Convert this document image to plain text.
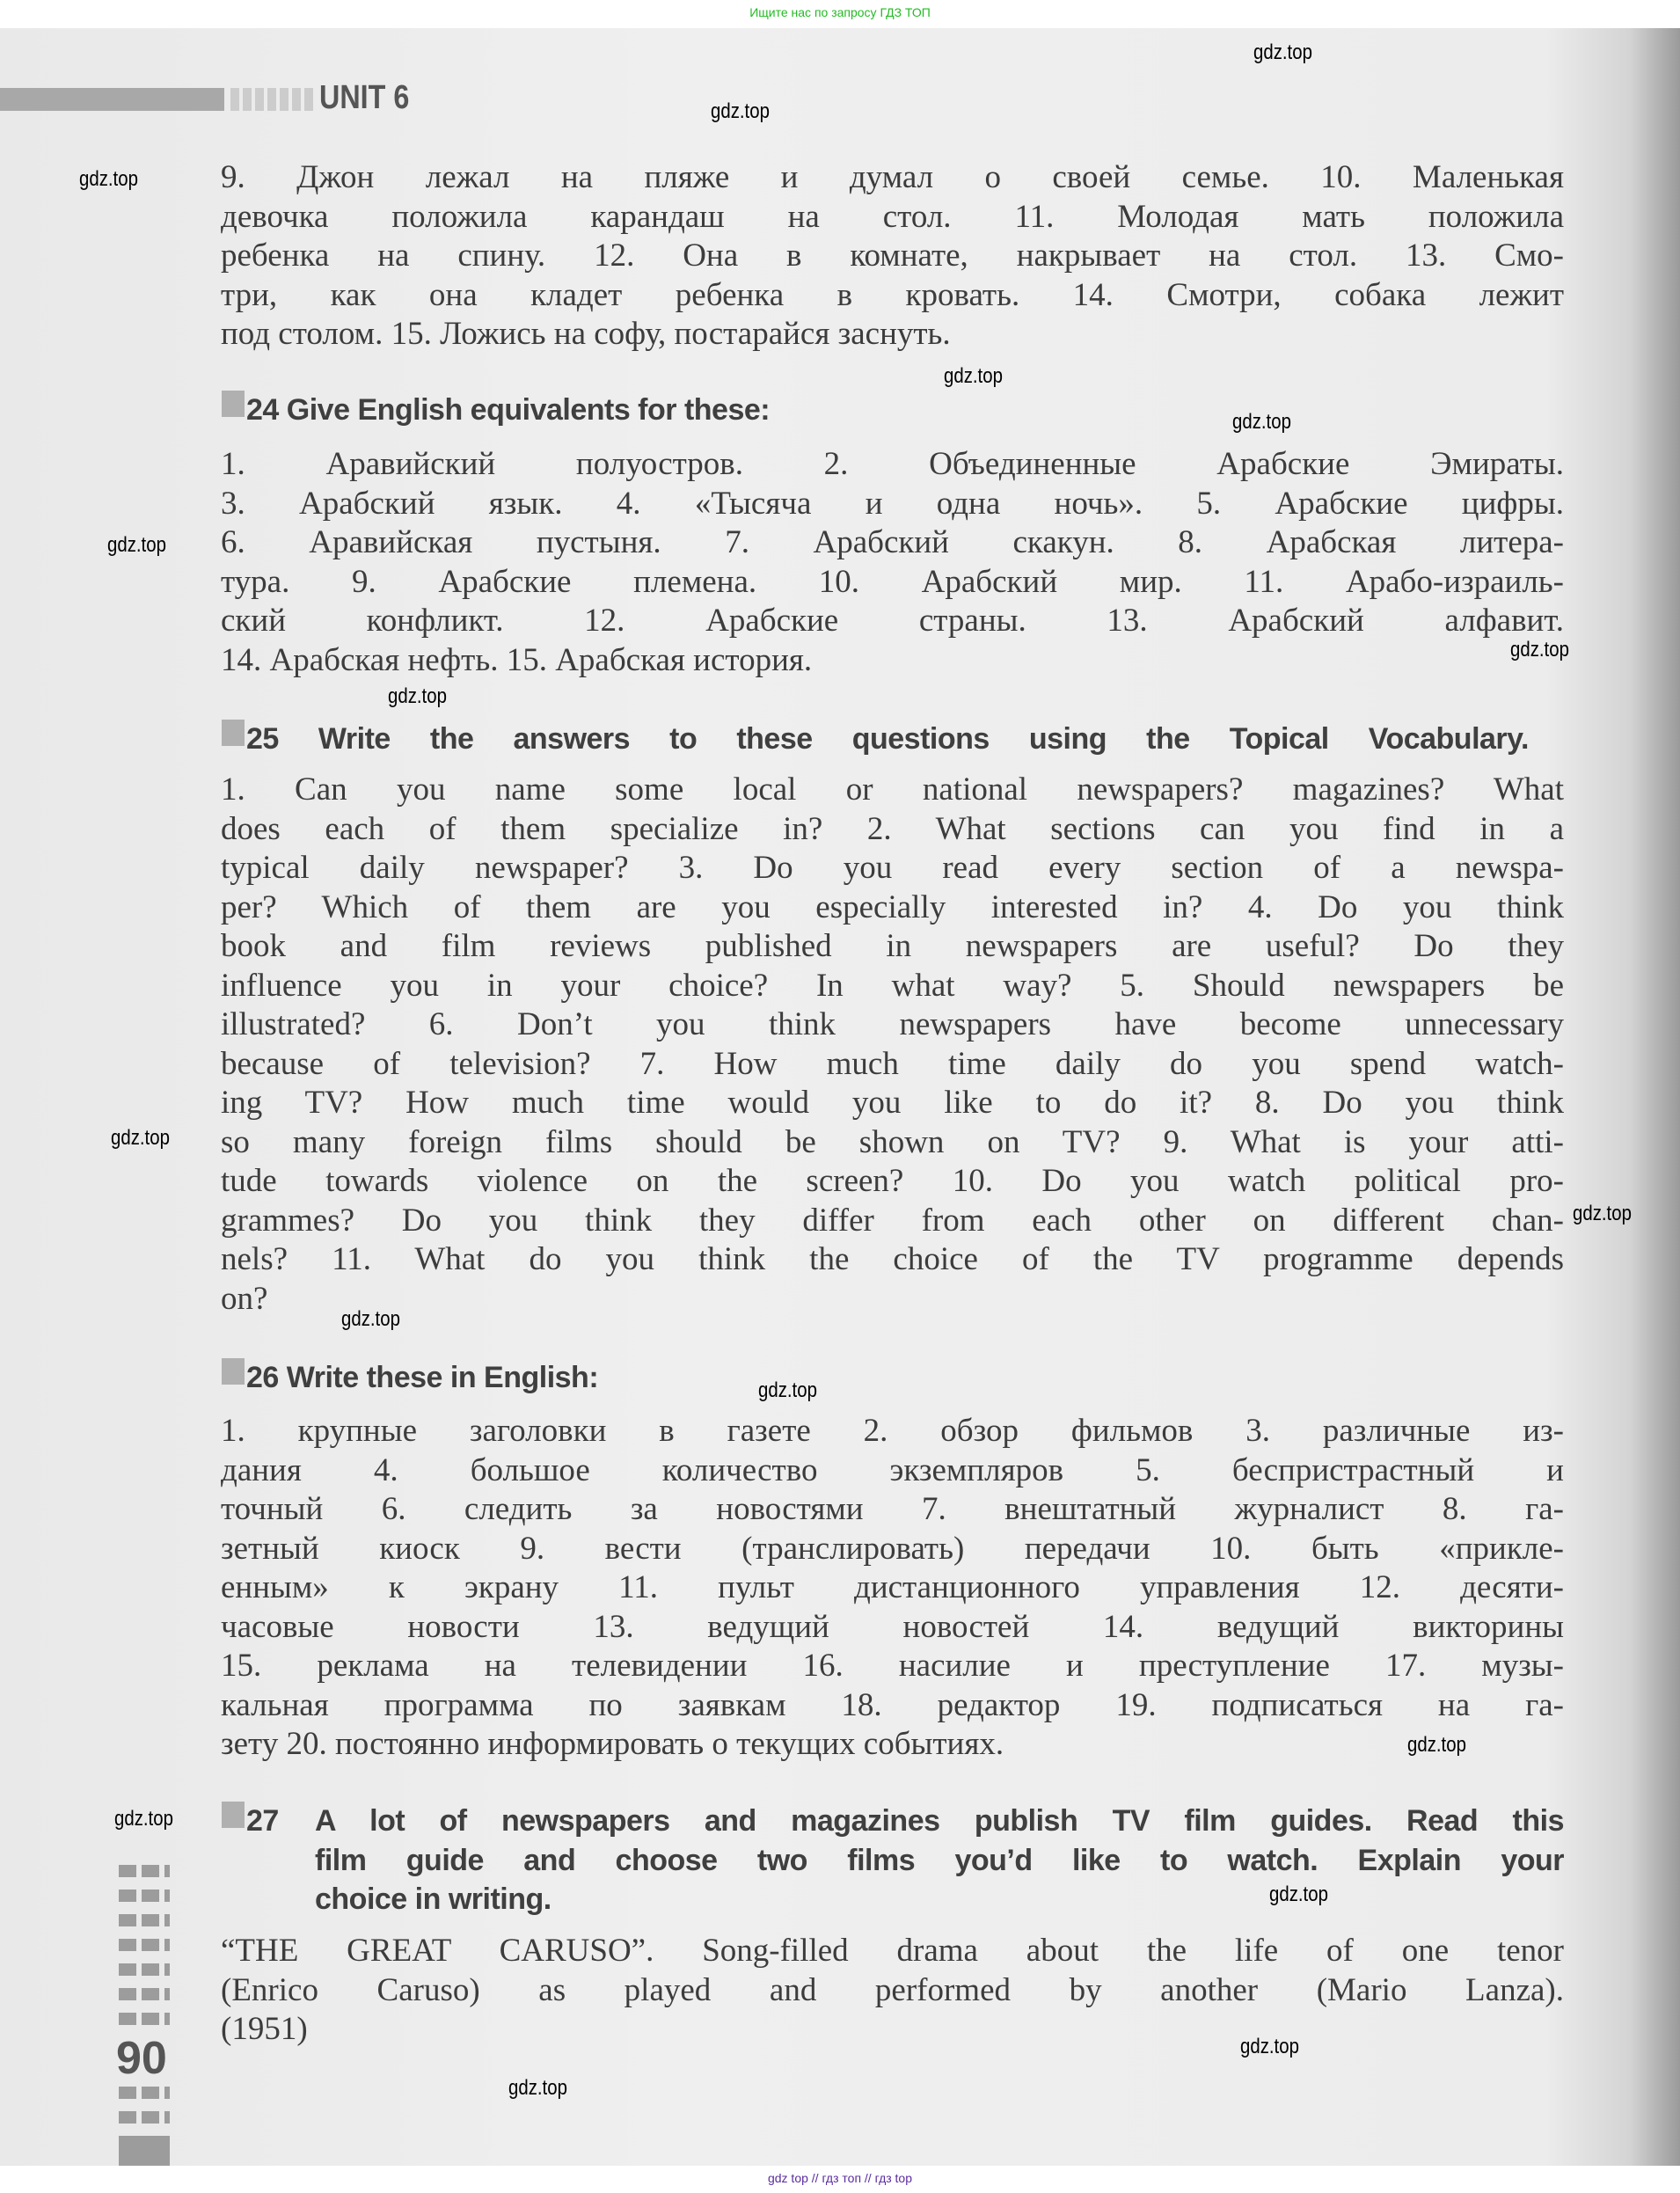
Ищите нас по запросу ГДЗ ТОП
UNIT 6
9. Джон лежал на пляже и думал о своей семье. 10. Маленькая
девочка положила карандаш на стол. 11. Молодая мать положила
ребенка на спину. 12. Она в комнате, накрывает на стол. 13. Смо-
три, как она кладет ребенка в кровать. 14. Смотри, собака лежит
под столом. 15. Ложись на софу, постарайся заснуть.
24 Give English equivalents for these:
1. Аравийский полуостров. 2. Объединенные Арабские Эмираты.
3. Арабский язык. 4. «Тысяча и одна ночь». 5. Арабские цифры.
6. Аравийская пустыня. 7. Арабский скакун. 8. Арабская литера-
тура. 9. Арабские племена. 10. Арабский мир. 11. Арабо-израиль-
ский конфликт. 12. Арабские страны. 13. Арабский алфавит.
14. Арабская нефть. 15. Арабская история.
25 Write the answers to these questions using the Topical Vocabulary.
1. Can you name some local or national newspapers? magazines? What
does each of them specialize in? 2. What sections can you find in a
typical daily newspaper? 3. Do you read every section of a newspa-
per? Which of them are you especially interested in? 4. Do you think
book and film reviews published in newspapers are useful? Do they
influence you in your choice? In what way? 5. Should newspapers be
illustrated? 6. Don’t you think newspapers have become unnecessary
because of television? 7. How much time daily do you spend watch-
ing TV? How much time would you like to do it? 8. Do you think
so many foreign films should be shown on TV? 9. What is your atti-
tude towards violence on the screen? 10. Do you watch political pro-
grammes? Do you think they differ from each other on different chan-
nels? 11. What do you think the choice of the TV programme depends
on?
26 Write these in English:
1. крупные заголовки в газете 2. обзор фильмов 3. различные из-
дания 4. большое количество экземпляров 5. беспристрастный и
точный 6. следить за новостями 7. внештатный журналист 8. га-
зетный киоск 9. вести (транслировать) передачи 10. быть «прикле-
енным» к экрану 11. пульт дистанционного управления 12. десяти-
часовые новости 13. ведущий новостей 14. ведущий викторины
15. реклама на телевидении 16. насилие и преступление 17. музы-
кальная программа по заявкам 18. редактор 19. подписаться на га-
зету 20. постоянно информировать о текущих событиях.
27 A lot of newspapers and magazines publish TV film guides. Read this
film guide and choose two films you’d like to watch. Explain your
choice in writing.
“THE GREAT CARUSO”. Song-filled drama about the life of one tenor
(Enrico Caruso) as played and performed by another (Mario Lanza).
(1951)
90
gdz.top
gdz.top
gdz.top
gdz.top
gdz.top
gdz.top
gdz.top
gdz.top
gdz.top
gdz.top
gdz.top
gdz.top
gdz.top
gdz.top
gdz.top
gdz.top
gdz.top
gdz top // гдз топ // гдз top
